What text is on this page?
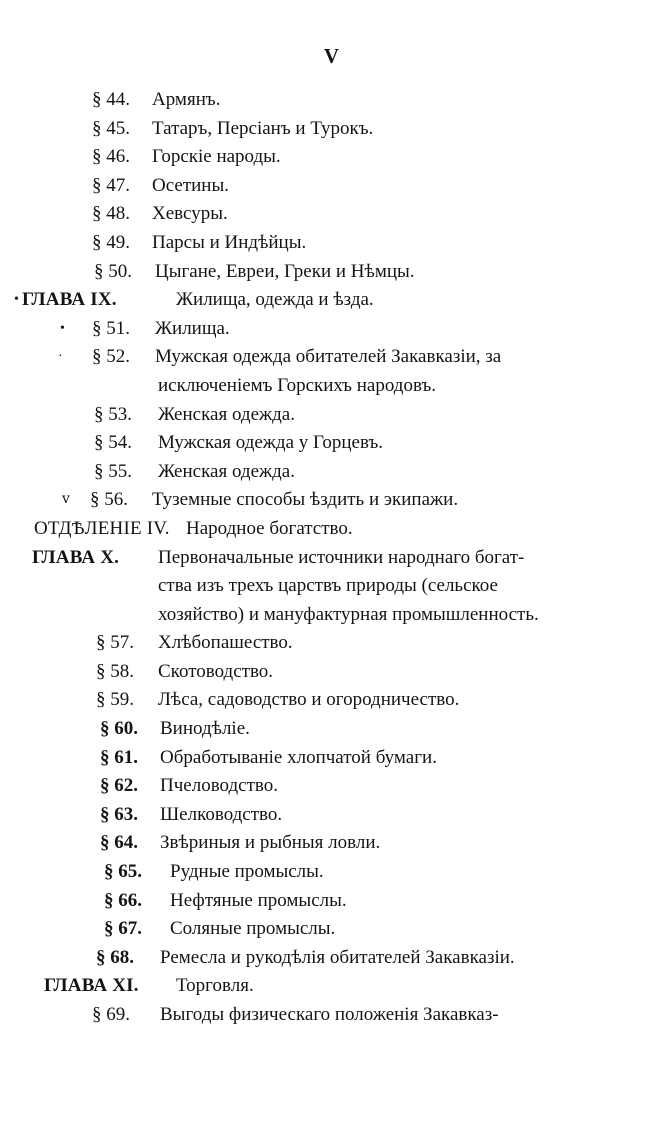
V
§ 44. Армянъ.
§ 45. Татаръ, Персiанъ и Турокъ.
§ 46. Горскiе народы.
§ 47. Осетины.
§ 48. Хевсуры.
§ 49. Парсы и Индѣйцы.
§ 50. Цыгане, Евреи, Греки и Нѣмцы.
• ГЛАВА IX.	Жилища, одежда и ѣзда.
• § 51. Жилища.
· § 52. Мужская одежда обитателей Закавказiи, за
исключенiемъ Горскихъ народовъ.
§ 53. Женская одежда.
§ 54. Мужская одежда у Горцевъ.
§ 55. Женская одежда.
ⅴ § 56. Туземные способы ѣздить и экипажи.
ОТДѢЛЕНIЕ IV. Народное богатство.
ГЛАВА X. Первоначальные источники народнаго богат-
ства изъ трехъ царствъ природы (сельское
хозяйство) и мануфактурная промышленность.
§ 57. Хлѣбопашество.
§ 58. Скотоводство.
§ 59. Лѣса, садоводство и огородничество.
§ 60. Винодѣлiе.
§ 61. Обработыванiе хлопчатой бумаги.
§ 62. Пчеловодство.
§ 63. Шелководство.
§ 64. Звѣриныя и рыбныя ловли.
§ 65. Рудные промыслы.
§ 66. Нефтяные промыслы.
§ 67. Соляные промыслы.
§ 68. Ремесла и рукодѣлiя обитателей Закавказiи.
ГЛАВА XI. Торговля.
§ 69. Выгоды физическаго положенiя Закавказ-
